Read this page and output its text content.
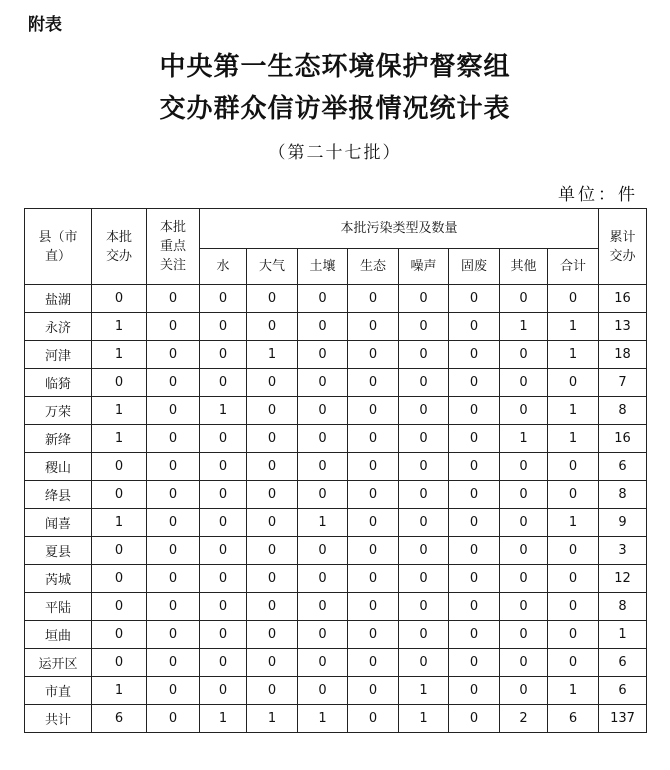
附表
中央第一生态环境保护督察组
交办群众信访举报情况统计表
（第二十七批）
单位：件
县（市直）	本批交办	本批重点关注	本批污染类型及数量								累计交办
			水	大气	土壤	生态	噪声	固废	其他	合计	
盐湖	0	0	0	0	0	0	0	0	0	0	16
永济	1	0	0	0	0	0	0	0	1	1	13
河津	1	0	0	1	0	0	0	0	0	1	18
临猗	0	0	0	0	0	0	0	0	0	0	7
万荣	1	0	1	0	0	0	0	0	0	1	8
新绛	1	0	0	0	0	0	0	0	1	1	16
稷山	0	0	0	0	0	0	0	0	0	0	6
绛县	0	0	0	0	0	0	0	0	0	0	8
闻喜	1	0	0	0	1	0	0	0	0	1	9
夏县	0	0	0	0	0	0	0	0	0	0	3
芮城	0	0	0	0	0	0	0	0	0	0	12
平陆	0	0	0	0	0	0	0	0	0	0	8
垣曲	0	0	0	0	0	0	0	0	0	0	1
运开区	0	0	0	0	0	0	0	0	0	0	6
市直	1	0	0	0	0	0	1	0	0	1	6
共计	6	0	1	1	1	0	1	0	2	6	137
